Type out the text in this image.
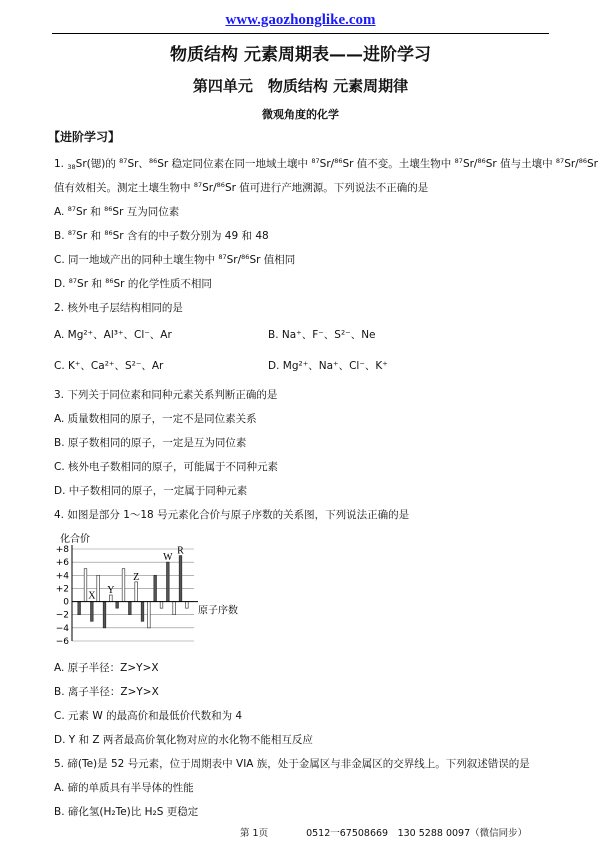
www.gaozhonglike.com
物质结构 元素周期表——进阶学习
第四单元　物质结构 元素周期律
微观角度的化学
【进阶学习】
1. $_{38}$Sr(锶)的 $^{87}$Sr、$^{86}$Sr 稳定同位素在同一地域土壤中 $^{87}$Sr/$^{86}$Sr 值不变。土壤生物中 $^{87}$Sr/$^{86}$Sr 值与土壤中 $^{87}$Sr/$^{86}$Sr
值有效相关。测定土壤生物中 $^{87}$Sr/$^{86}$Sr 值可进行产地溯源。下列说法不正确的是
A. $^{87}$Sr 和 $^{86}$Sr 互为同位素
B. $^{87}$Sr 和 $^{86}$Sr 含有的中子数分别为 49 和 48
C. 同一地域产出的同种土壤生物中 $^{87}$Sr/$^{86}$Sr 值相同
D. $^{87}$Sr 和 $^{86}$Sr 的化学性质不相同
2. 核外电子层结构相同的是
A. Mg²⁺、Al³⁺、Cl⁻、Ar	B. Na⁺、F⁻、S²⁻、Ne
C. K⁺、Ca²⁺、S²⁻、Ar	D. Mg²⁺、Na⁺、Cl⁻、K⁺
3. 下列关于同位素和同种元素关系判断正确的是
A. 质量数相同的原子，一定不是同位素关系
B. 原子数相同的原子，一定是互为同位素
C. 核外电子数相同的原子，可能属于不同种元素
D. 中子数相同的原子，一定属于同种元素
4. 如图是部分 1～18 号元素化合价与原子序数的关系图，下列说法正确的是
化合价
+8
+6
+4
+2
0
−2
−4
−6
X
Y
Z
W
R
原子序数
A. 原子半径：Z>Y>X
B. 离子半径：Z>Y>X
C. 元素 W 的最高价和最低价代数和为 4
D. Y 和 Z 两者最高价氧化物对应的水化物不能相互反应
5. 碲(Te)是 52 号元素，位于周期表中 VIA 族，处于金属区与非金属区的交界线上。下列叙述错误的是
A. 碲的单质具有半导体的性能
B. 碲化氢(H₂Te)比 H₂S 更稳定
第 1页　　　　0512一67508669　130 5288 0097（微信同步）
